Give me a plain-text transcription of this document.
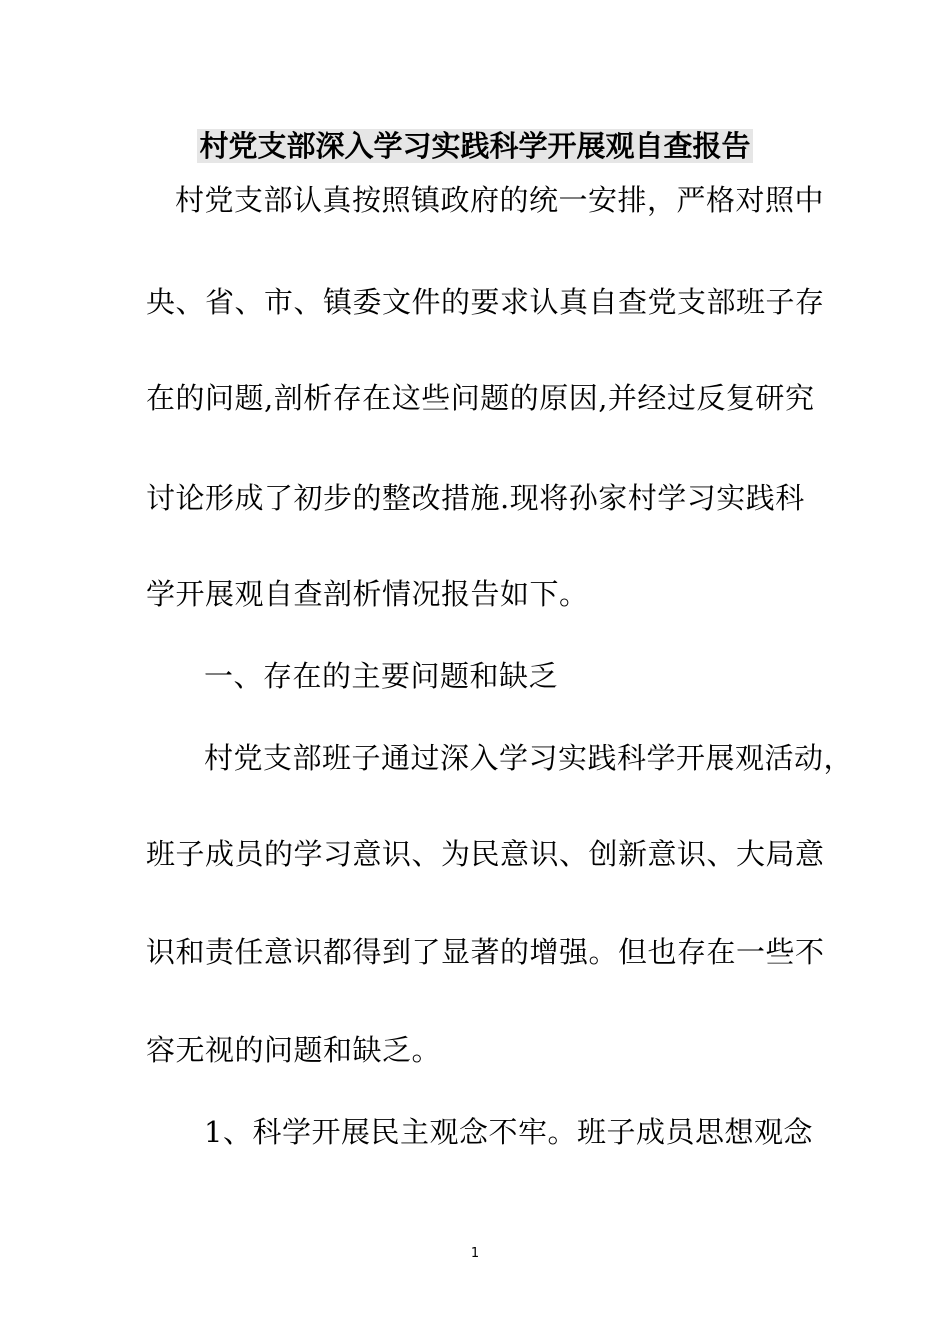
村党支部深入学习实践科学开展观自查报告

村党支部认真按照镇政府的统一安排，严格对照中

央、省、市、镇委文件的要求认真自查党支部班子存

在的问题,剖析存在这些问题的原因,并经过反复研究

讨论形成了初步的整改措施.现将孙家村学习实践科

学开展观自查剖析情况报告如下。

一、存在的主要问题和缺乏

村党支部班子通过深入学习实践科学开展观活动，

班子成员的学习意识、为民意识、创新意识、大局意

识和责任意识都得到了显著的增强。但也存在一些不

容无视的问题和缺乏。

1、科学开展民主观念不牢。班子成员思想观念

1
